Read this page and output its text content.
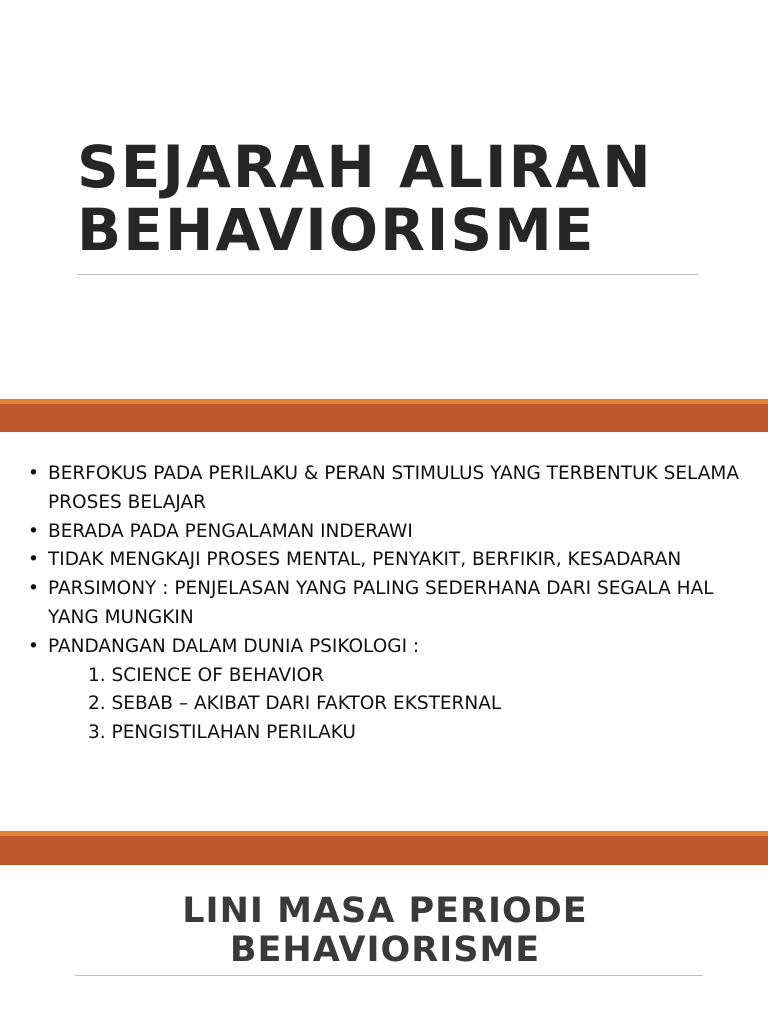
SEJARAH ALIRAN
BEHAVIORISME
• BERFOKUS PADA PERILAKU & PERAN STIMULUS YANG TERBENTUK SELAMA PROSES BELAJAR
• BERADA PADA PENGALAMAN INDERAWI
• TIDAK MENGKAJI PROSES MENTAL, PENYAKIT, BERFIKIR, KESADARAN
• PARSIMONY : PENJELASAN YANG PALING SEDERHANA DARI SEGALA HAL YANG MUNGKIN
• PANDANGAN DALAM DUNIA PSIKOLOGI :
1. SCIENCE OF BEHAVIOR
2. SEBAB – AKIBAT DARI FAKTOR EKSTERNAL
3. PENGISTILAHAN PERILAKU
LINI MASA PERIODE
BEHAVIORISME
